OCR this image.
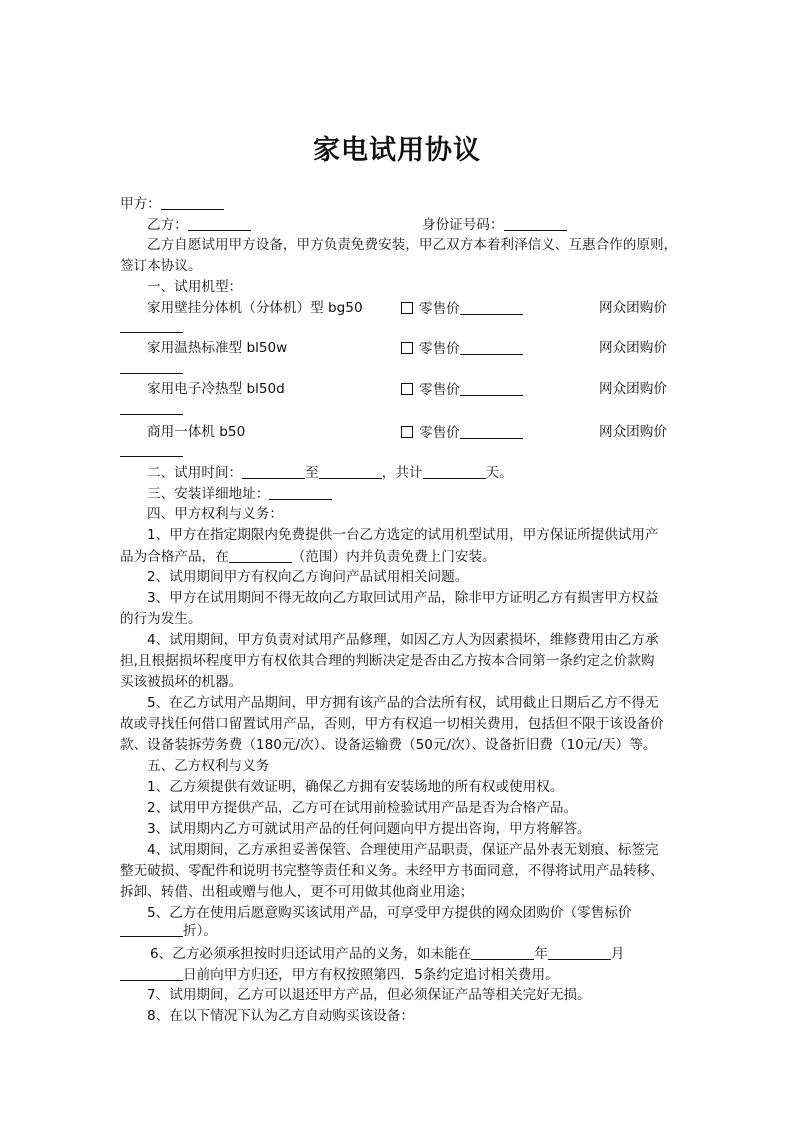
家电试用协议
甲方：
乙方：	身份证号码：
乙方自愿试用甲方设备，甲方负责免费安装，甲乙双方本着利泽信义、互惠合作的原则，
签订本协议。
一、试用机型：
家用壁挂分体机（分体机）型 bg50	零售价	网众团购价
家用温热标准型 bl50w	零售价	网众团购价
家用电子冷热型 bl50d	零售价	网众团购价
商用一体机 b50	零售价	网众团购价
二、试用时间：	至	，共计	天。
三、安装详细地址：
四、甲方权利与义务：
1、甲方在指定期限内免费提供一台乙方选定的试用机型试用，甲方保证所提供试用产
品为合格产品，在	（范围）内并负责免费上门安装。
2、试用期间甲方有权向乙方询问产品试用相关问题。
3、甲方在试用期间不得无故向乙方取回试用产品，除非甲方证明乙方有损害甲方权益
的行为发生。
4、试用期间，甲方负责对试用产品修理，如因乙方人为因素损坏，维修费用由乙方承
担,且根据损坏程度甲方有权依其合理的判断决定是否由乙方按本合同第一条约定之价款购
买该被损坏的机器。
5、在乙方试用产品期间，甲方拥有该产品的合法所有权，试用截止日期后乙方不得无
故或寻找任何借口留置试用产品，否则，甲方有权追一切相关费用，包括但不限于该设备价
款、设备装拆劳务费（180元/次）、设备运输费（50元/次）、设备折旧费（10元/天）等。
五、乙方权利与义务
1、乙方须提供有效证明，确保乙方拥有安装场地的所有权或使用权。
2、试用甲方提供产品，乙方可在试用前检验试用产品是否为合格产品。
3、试用期内乙方可就试用产品的任何问题向甲方提出咨询，甲方将解答。
4、试用期间，乙方承担妥善保管、合理使用产品职责，保证产品外表无划痕、标签完
整无破损、零配件和说明书完整等责任和义务。未经甲方书面同意，不得将试用产品转移、
拆卸、转借、出租或赠与他人，更不可用做其他商业用途；
5、乙方在使用后愿意购买该试用产品，可享受甲方提供的网众团购价（零售标价
折）。
6、乙方必须承担按时归还试用产品的义务，如未能在	年	月
日前向甲方归还，甲方有权按照第四．5条约定追讨相关费用。
7、试用期间，乙方可以退还甲方产品，但必须保证产品等相关完好无损。
8、在以下情况下认为乙方自动购买该设备：
